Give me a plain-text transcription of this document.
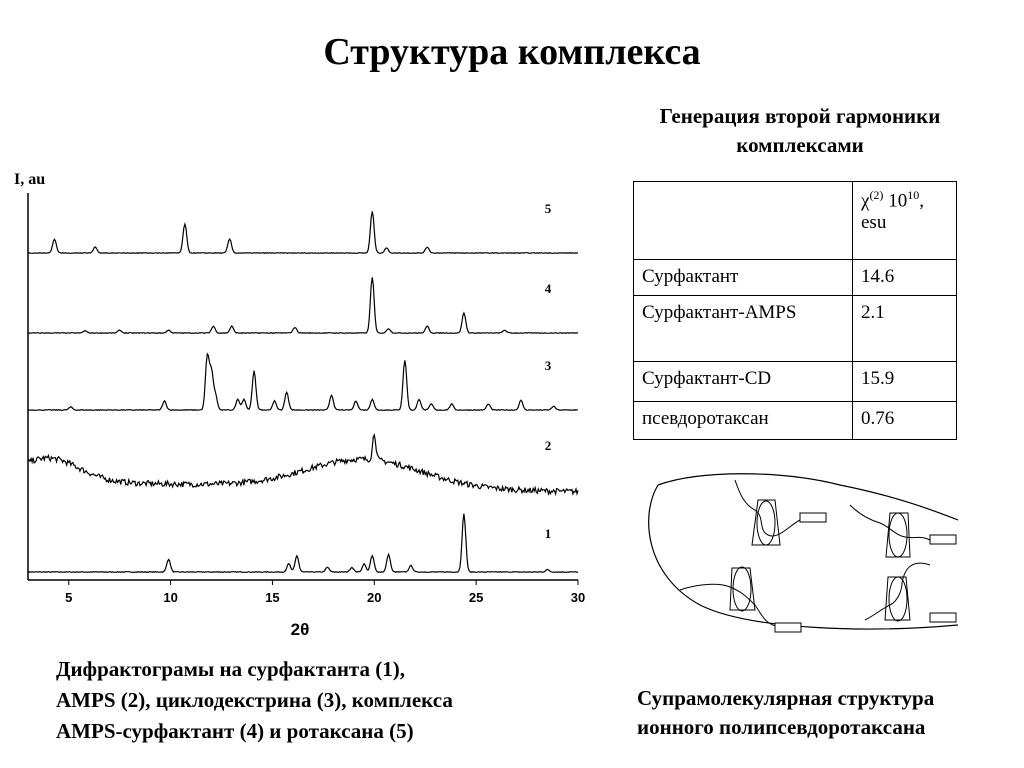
Структура комплекса
Генерация второй гармоники
комплексами
	$\chi^{(2)}$ $10^{10}$,
esu
Сурфактант	14.6
Сурфактант-AMPS	2.1
Сурфактант-CD	15.9
псевдоротаксан	0.76
5	10	15	20	25	30
1
2
3
4
5
I, au
2θ
Дифрактограмы на сурфактанта (1),
AMPS (2), циклодекстрина (3), комплекса
AMPS-сурфактант (4) и ротаксана (5)
Супрамолекулярная структура
ионного полипсевдоротаксана
